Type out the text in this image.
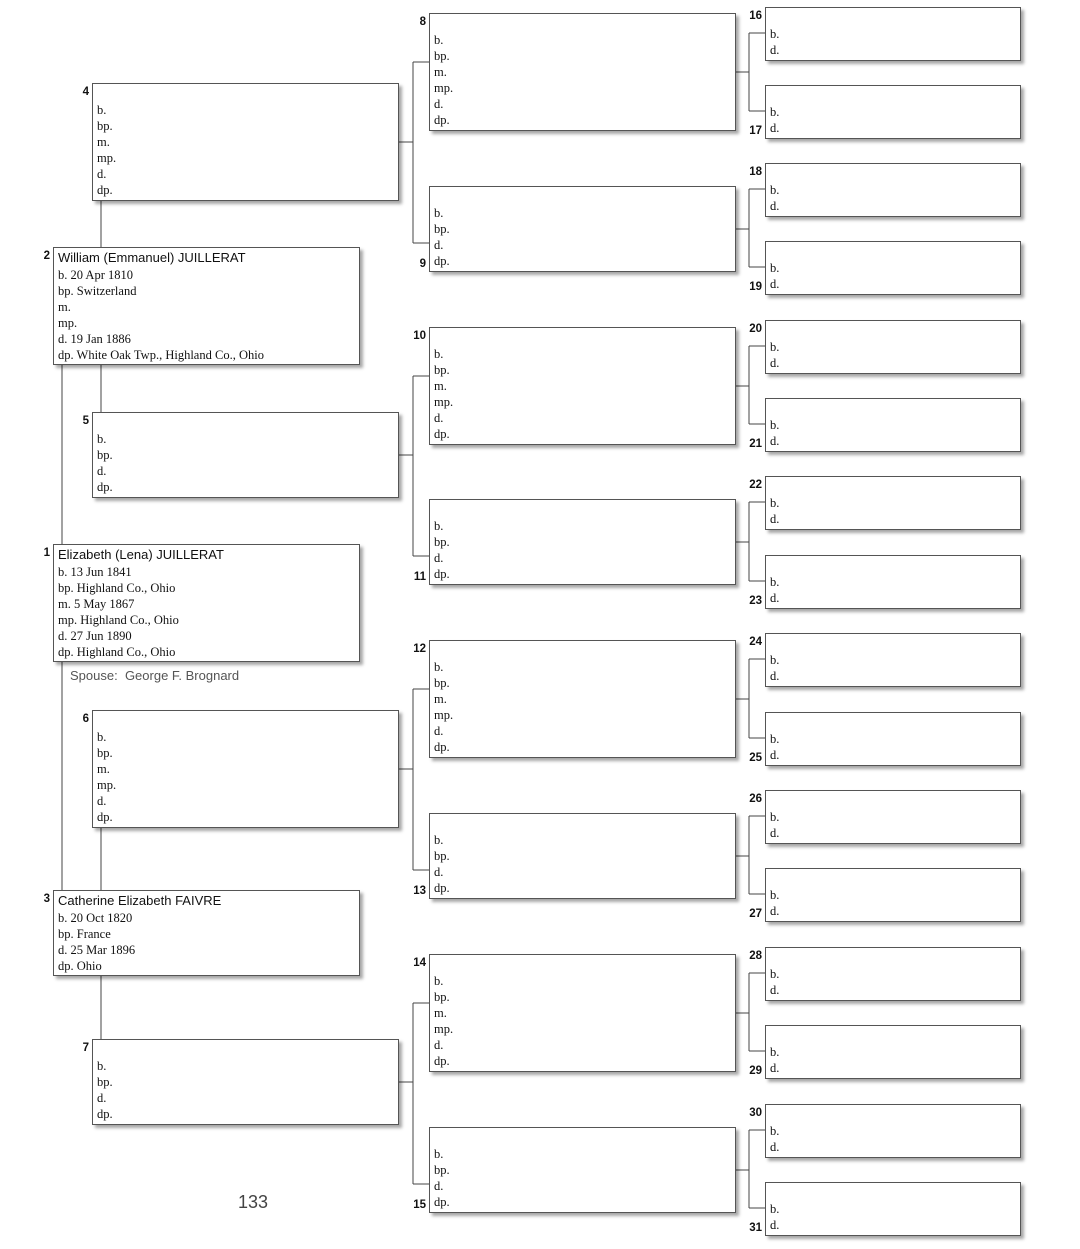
Elizabeth (Lena) JUILLERAT
b. 13 Jun 1841
bp. Highland Co., Ohio
m. 5 May 1867
mp. Highland Co., Ohio
d. 27 Jun 1890
dp. Highland Co., Ohio
1
William (Emmanuel) JUILLERAT
b. 20 Apr 1810
bp. Switzerland
m.
mp.
d. 19 Jan 1886
dp. White Oak Twp., Highland Co., Ohio
2
Catherine Elizabeth FAIVRE
b. 20 Oct 1820
bp. France
d. 25 Mar 1896
dp. Ohio
3
b.
bp.
m.
mp.
d.
dp.
4
b.
bp.
d.
dp.
5
b.
bp.
m.
mp.
d.
dp.
6
b.
bp.
d.
dp.
7
b.
bp.
m.
mp.
d.
dp.
8
b.
bp.
d.
dp.
9
b.
bp.
m.
mp.
d.
dp.
10
b.
bp.
d.
dp.
11
b.
bp.
m.
mp.
d.
dp.
12
b.
bp.
d.
dp.
13
b.
bp.
m.
mp.
d.
dp.
14
b.
bp.
d.
dp.
15
b.
d.
16
b.
d.
17
b.
d.
18
b.
d.
19
b.
d.
20
b.
d.
21
b.
d.
22
b.
d.
23
b.
d.
24
b.
d.
25
b.
d.
26
b.
d.
27
b.
d.
28
b.
d.
29
b.
d.
30
b.
d.
31
Spouse: George F. Brognard
133
